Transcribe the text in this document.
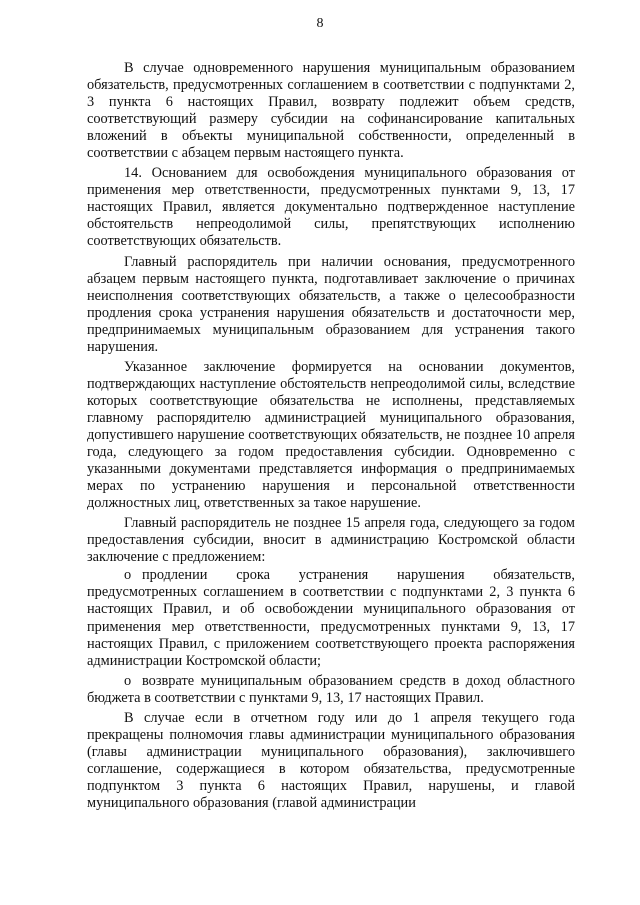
8

В случае одновременного нарушения муниципальным образованием обязательств, предусмотренных соглашением в соответствии с подпунктами 2, 3 пункта 6 настоящих Правил, возврату подлежит объем средств, соответствующий размеру субсидии на софинансирование капитальных вложений в объекты муниципальной собственности, определенный в соответствии с абзацем первым настоящего пункта.

14. Основанием для освобождения муниципального образования от применения мер ответственности, предусмотренных пунктами 9, 13, 17 настоящих Правил, является документально подтвержденное наступление обстоятельств непреодолимой силы, препятствующих исполнению соответствующих обязательств.

Главный распорядитель при наличии основания, предусмотренного абзацем первым настоящего пункта, подготавливает заключение о причинах неисполнения соответствующих обязательств, а также о целесообразности продления срока устранения нарушения обязательств и достаточности мер, предпринимаемых муниципальным образованием для устранения такого нарушения.

Указанное заключение формируется на основании документов, подтверждающих наступление обстоятельств непреодолимой силы, вследствие которых соответствующие обязательства не исполнены, представляемых главному распорядителю администрацией муниципального образования, допустившего нарушение соответствующих обязательств, не позднее 10 апреля года, следующего за годом предоставления субсидии. Одновременно с указанными документами представляется информация о предпринимаемых мерах по устранению нарушения и персональной ответственности должностных лиц, ответственных за такое нарушение.

Главный распорядитель не позднее 15 апреля года, следующего за годом предоставления субсидии, вносит в администрацию Костромской области заключение с предложением:

о продлении срока устранения нарушения обязательств, предусмотренных соглашением в соответствии с подпунктами 2, 3 пункта 6 настоящих Правил, и об освобождении муниципального образования от применения мер ответственности, предусмотренных пунктами 9, 13, 17 настоящих Правил, с приложением соответствующего проекта распоряжения администрации Костромской области;

о возврате муниципальным образованием средств в доход областного бюджета в соответствии с пунктами 9, 13, 17 настоящих Правил.

В случае если в отчетном году или до 1 апреля текущего года прекращены полномочия главы администрации муниципального образования (главы администрации муниципального образования), заключившего соглашение, содержащиеся в котором обязательства, предусмотренные подпунктом 3 пункта 6 настоящих Правил, нарушены, и главой муниципального образования (главой администрации
